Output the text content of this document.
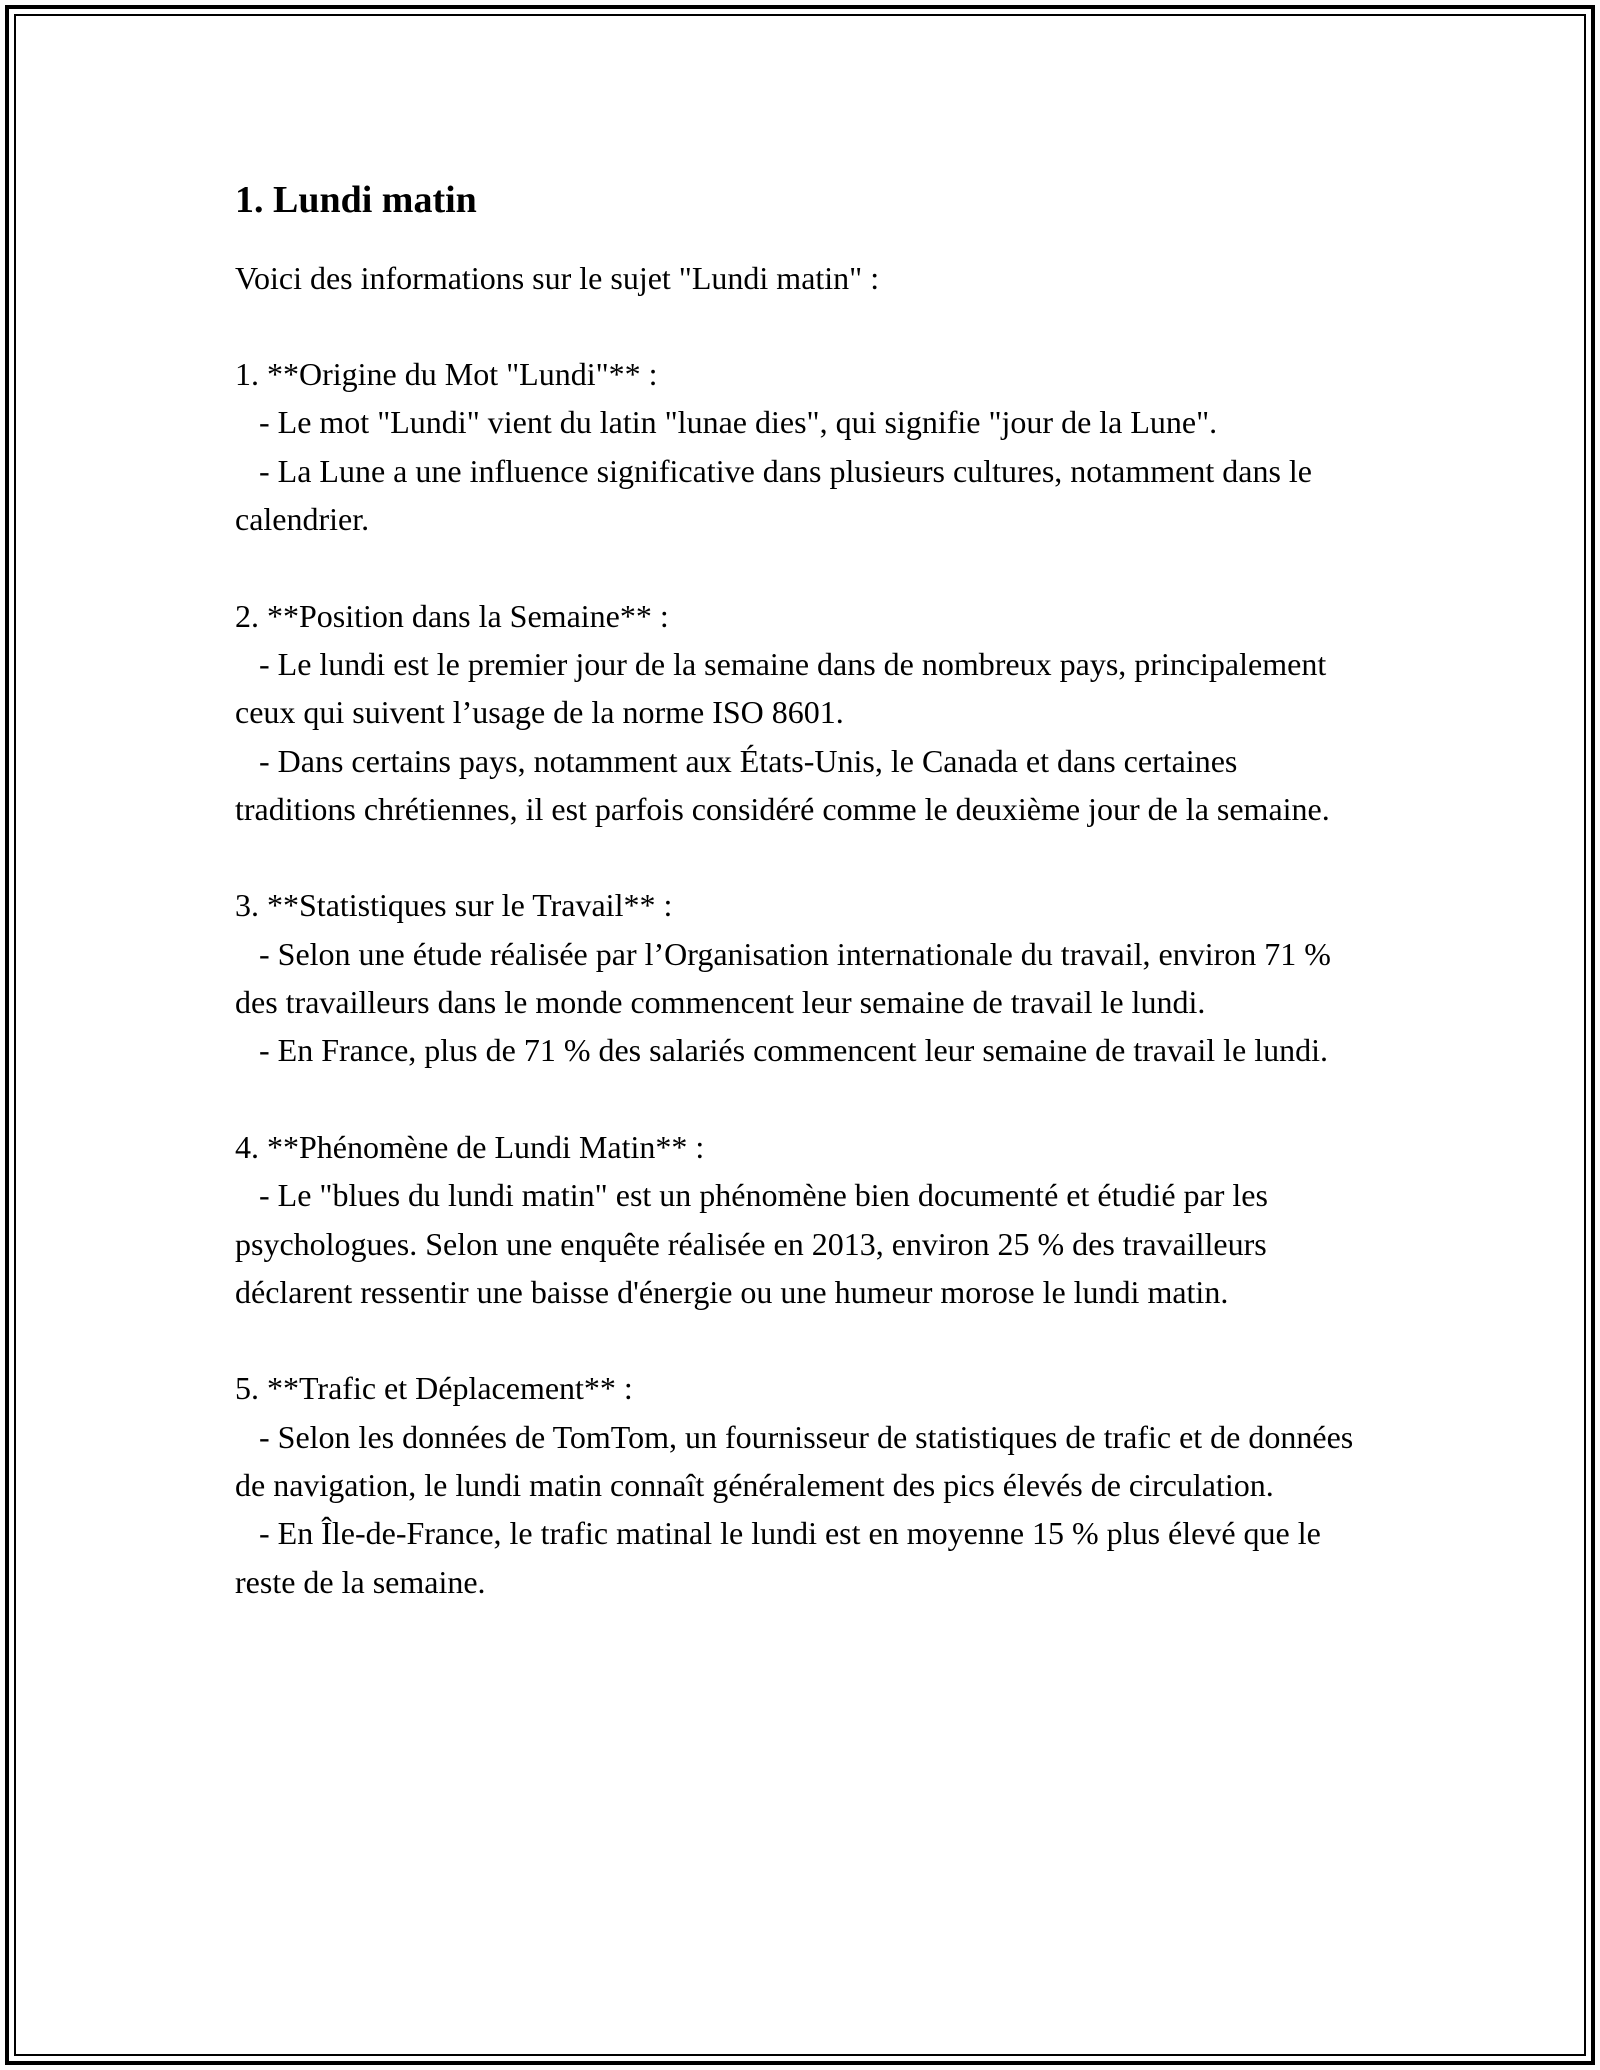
1. Lundi matin
Voici des informations sur le sujet "Lundi matin" :

1. **Origine du Mot "Lundi"** :
- Le mot "Lundi" vient du latin "lunae dies", qui signifie "jour de la Lune".
- La Lune a une influence significative dans plusieurs cultures, notamment dans le calendrier.

2. **Position dans la Semaine** :
- Le lundi est le premier jour de la semaine dans de nombreux pays, principalement ceux qui suivent l’usage de la norme ISO 8601.
- Dans certains pays, notamment aux États-Unis, le Canada et dans certaines traditions chrétiennes, il est parfois considéré comme le deuxième jour de la semaine.

3. **Statistiques sur le Travail** :
- Selon une étude réalisée par l’Organisation internationale du travail, environ 71 % des travailleurs dans le monde commencent leur semaine de travail le lundi.
- En France, plus de 71 % des salariés commencent leur semaine de travail le lundi.

4. **Phénomène de Lundi Matin** :
- Le "blues du lundi matin" est un phénomène bien documenté et étudié par les psychologues. Selon une enquête réalisée en 2013, environ 25 % des travailleurs déclarent ressentir une baisse d'énergie ou une humeur morose le lundi matin.

5. **Trafic et Déplacement** :
- Selon les données de TomTom, un fournisseur de statistiques de trafic et de données de navigation, le lundi matin connaît généralement des pics élevés de circulation.
- En Île-de-France, le trafic matinal le lundi est en moyenne 15 % plus élevé que le reste de la semaine.
